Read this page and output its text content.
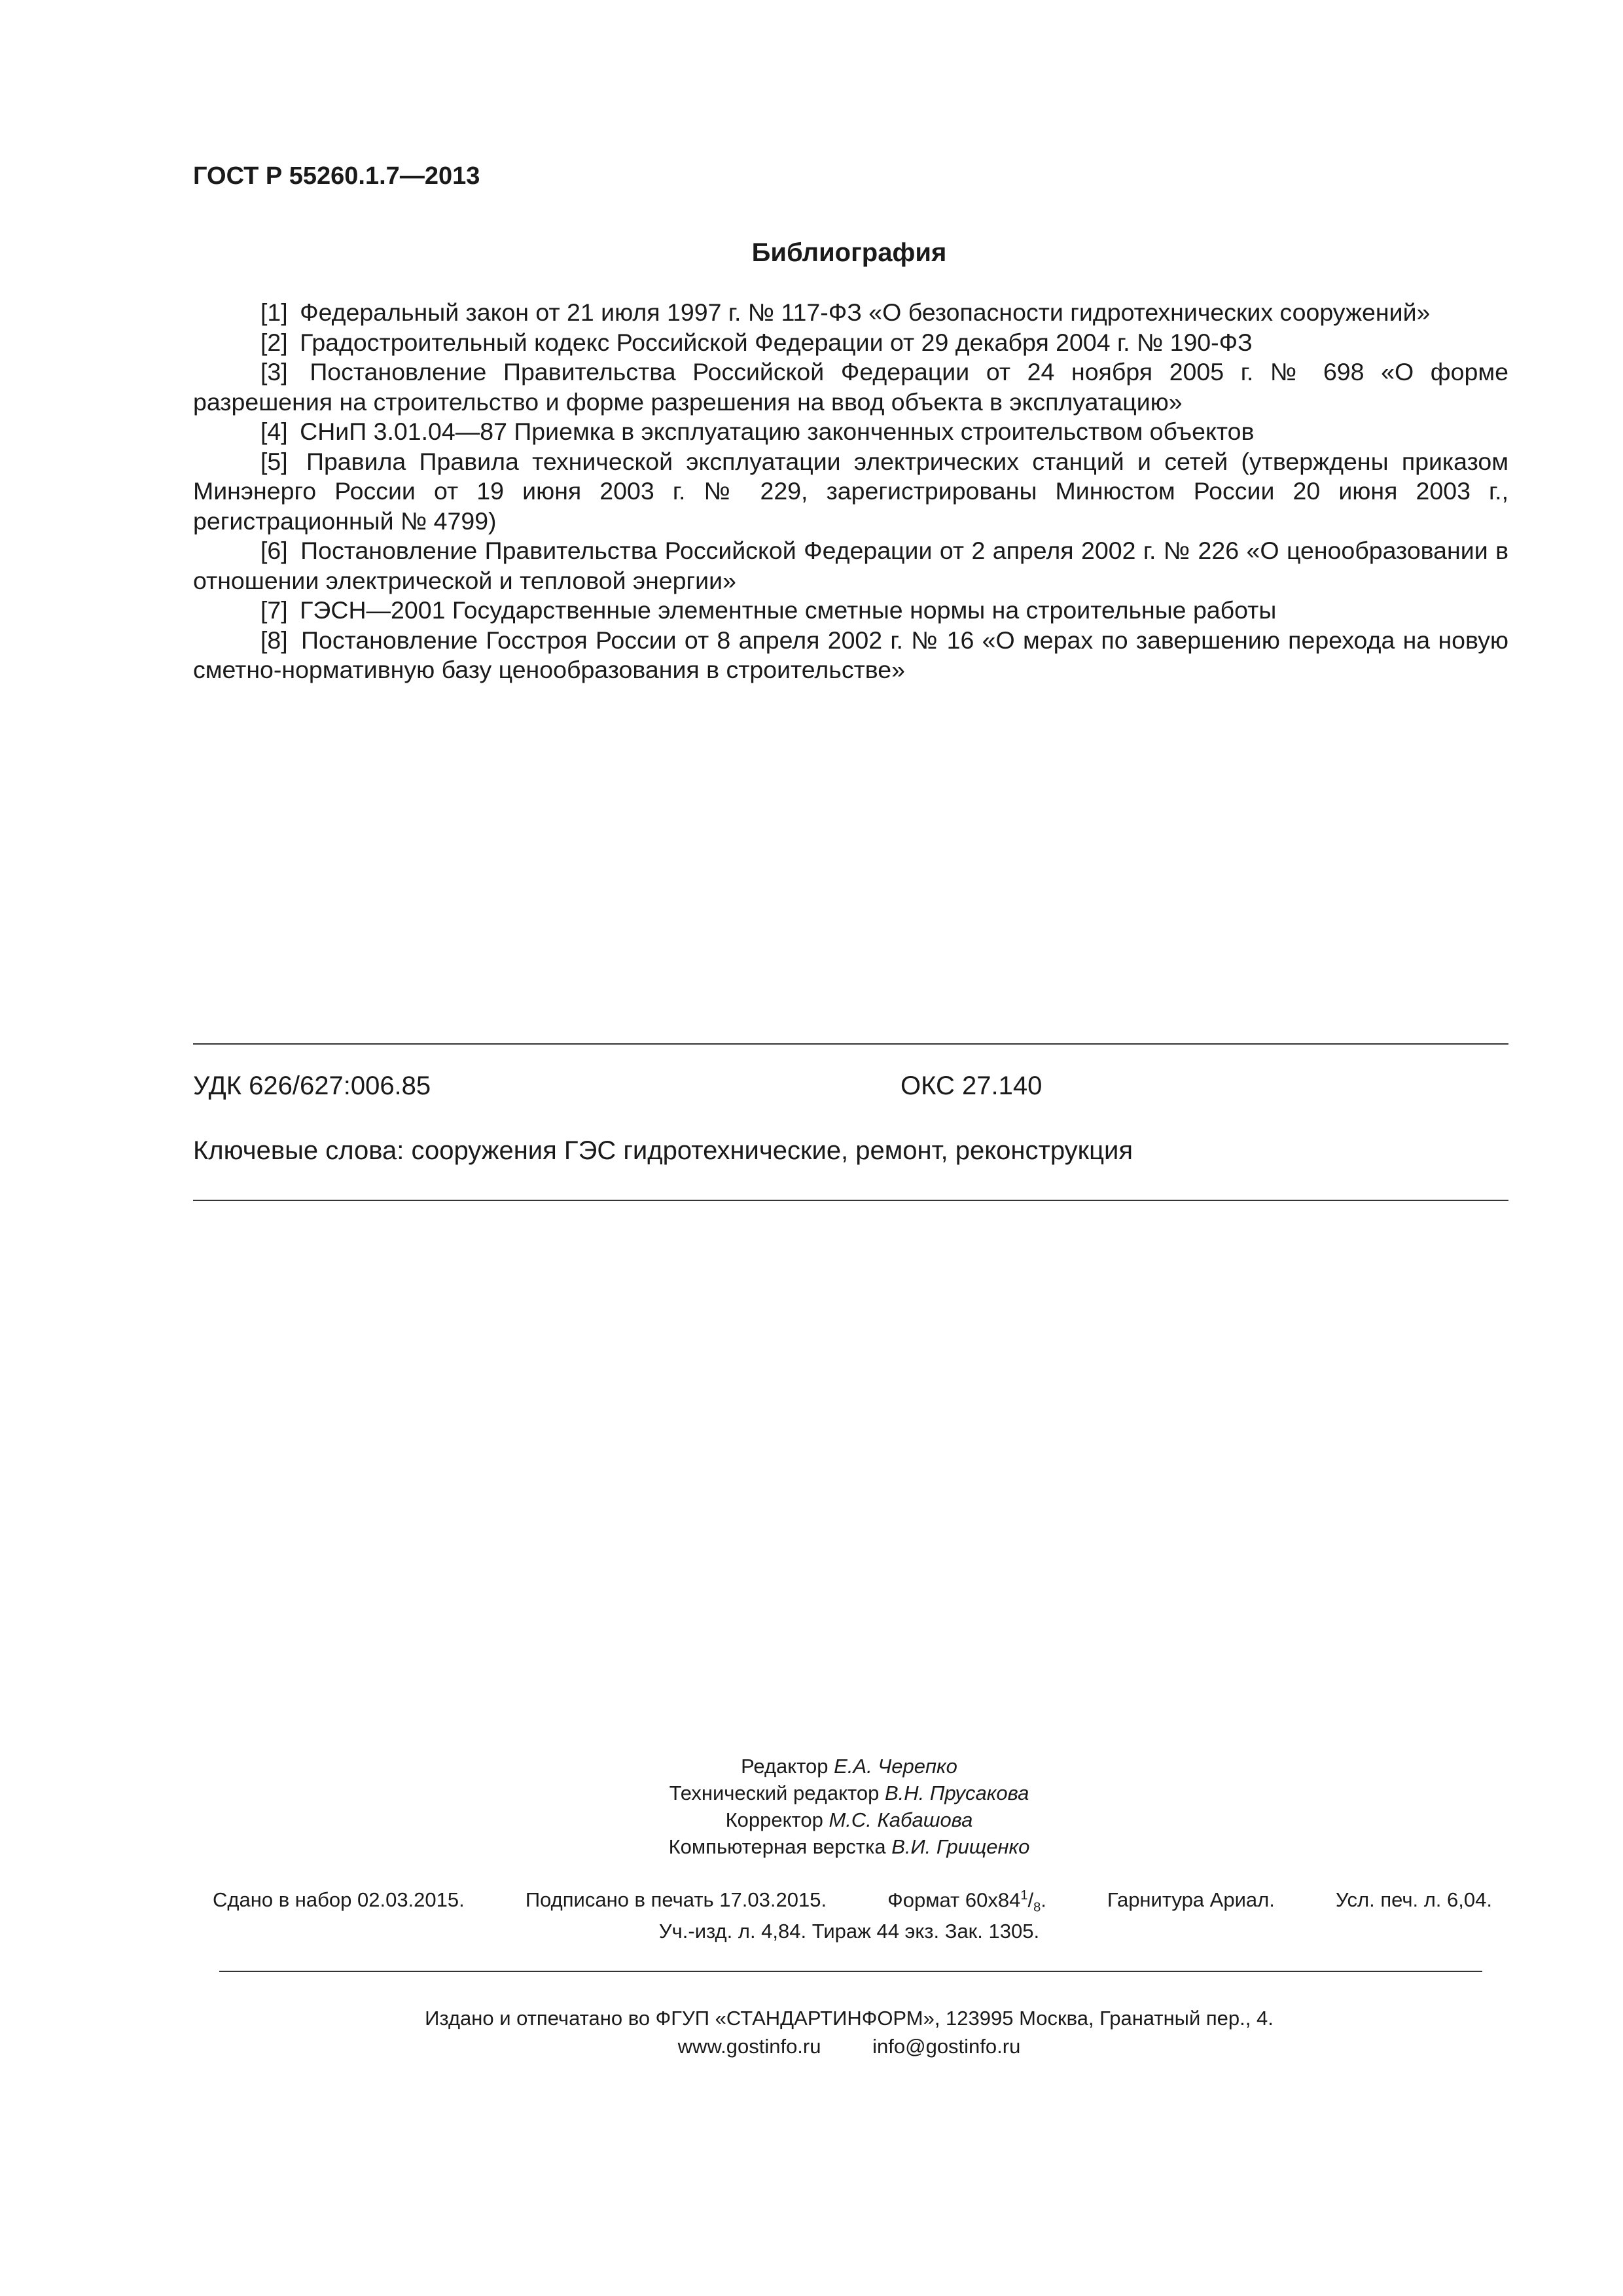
ГОСТ Р 55260.1.7—2013
Библиография

[1] Федеральный закон от 21 июля 1997 г. № 117-ФЗ «О безопасности гидротехнических сооружений»

[2] Градостроительный кодекс Российской Федерации от 29 декабря 2004 г. № 190-ФЗ

[3] Постановление Правительства Российской Федерации от 24 ноября 2005 г. № 698 «О форме разрешения на строительство и форме разрешения на ввод объекта в эксплуатацию»

[4] СНиП 3.01.04—87 Приемка в эксплуатацию законченных строительством объектов

[5] Правила Правила технической эксплуатации электрических станций и сетей (утверждены приказом Минэнерго России от 19 июня 2003 г. № 229, зарегистрированы Минюстом России 20 июня 2003 г., регистрационный № 4799)

[6] Постановление Правительства Российской Федерации от 2 апреля 2002 г. № 226 «О ценообразовании в отношении электрической и тепловой энергии»

[7] ГЭСН—2001 Государственные элементные сметные нормы на строительные работы

[8] Постановление Госстроя России от 8 апреля 2002 г. № 16 «О мерах по завершению перехода на новую сметно-нормативную базу ценообразования в строительстве»

УДК 626/627:006.85	ОКС 27.140
Ключевые слова: сооружения ГЭС гидротехнические, ремонт, реконструкция
Редактор Е.А. Черепко
Технический редактор В.Н. Прусакова
Корректор М.С. Кабашова
Компьютерная верстка В.И. Грищенко
Сдано в набор 02.03.2015.	Подписано в печать 17.03.2015.	Формат $60х84^1/_8$.	Гарнитура Ариал.	Усл. печ. л. 6,04.
Уч.-изд. л. 4,84. Тираж 44 экз. Зак. 1305.
Издано и отпечатано во ФГУП «СТАНДАРТИНФОРМ», 123995 Москва, Гранатный пер., 4.
www.gostinfo.ru	info@gostinfo.ru
